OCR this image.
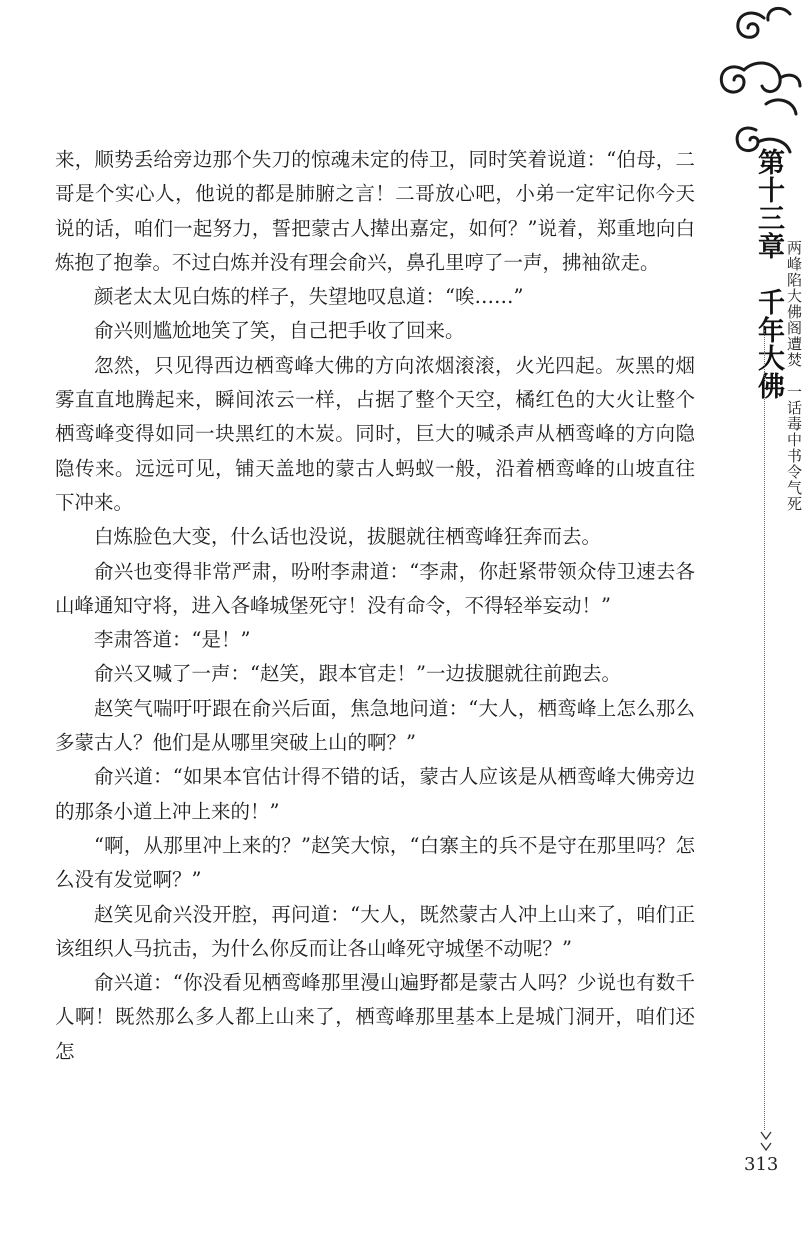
来，顺势丢给旁边那个失刀的惊魂未定的侍卫，同时笑着说道：“伯母，二哥是个实心人，他说的都是肺腑之言！二哥放心吧，小弟一定牢记你今天说的话，咱们一起努力，誓把蒙古人撵出嘉定，如何？”说着，郑重地向白炼抱了抱拳。不过白炼并没有理会俞兴，鼻孔里哼了一声，拂袖欲走。

颜老太太见白炼的样子，失望地叹息道：“唉……”

俞兴则尴尬地笑了笑，自己把手收了回来。

忽然，只见得西边栖鸾峰大佛的方向浓烟滚滚，火光四起。灰黑的烟雾直直地腾起来，瞬间浓云一样，占据了整个天空，橘红色的大火让整个栖鸾峰变得如同一块黑红的木炭。同时，巨大的喊杀声从栖鸾峰的方向隐隐传来。远远可见，铺天盖地的蒙古人蚂蚁一般，沿着栖鸾峰的山坡直往下冲来。

白炼脸色大变，什么话也没说，拔腿就往栖鸾峰狂奔而去。

俞兴也变得非常严肃，吩咐李肃道：“李肃，你赶紧带领众侍卫速去各山峰通知守将，进入各峰城堡死守！没有命令，不得轻举妄动！”

李肃答道：“是！”

俞兴又喊了一声：“赵笑，跟本官走！”一边拔腿就往前跑去。

赵笑气喘吁吁跟在俞兴后面，焦急地问道：“大人，栖鸾峰上怎么那么多蒙古人？他们是从哪里突破上山的啊？”

俞兴道：“如果本官估计得不错的话，蒙古人应该是从栖鸾峰大佛旁边的那条小道上冲上来的！”

“啊，从那里冲上来的？”赵笑大惊，“白寨主的兵不是守在那里吗？怎么没有发觉啊？”

赵笑见俞兴没开腔，再问道：“大人，既然蒙古人冲上山来了，咱们正该组织人马抗击，为什么你反而让各山峰死守城堡不动呢？”

俞兴道：“你没看见栖鸾峰那里漫山遍野都是蒙古人吗？少说也有数千人啊！既然那么多人都上山来了，栖鸾峰那里基本上是城门洞开，咱们还怎

第十三章　千年大佛 两峰陷大佛阁遭焚　一话毒中书令气死
313
